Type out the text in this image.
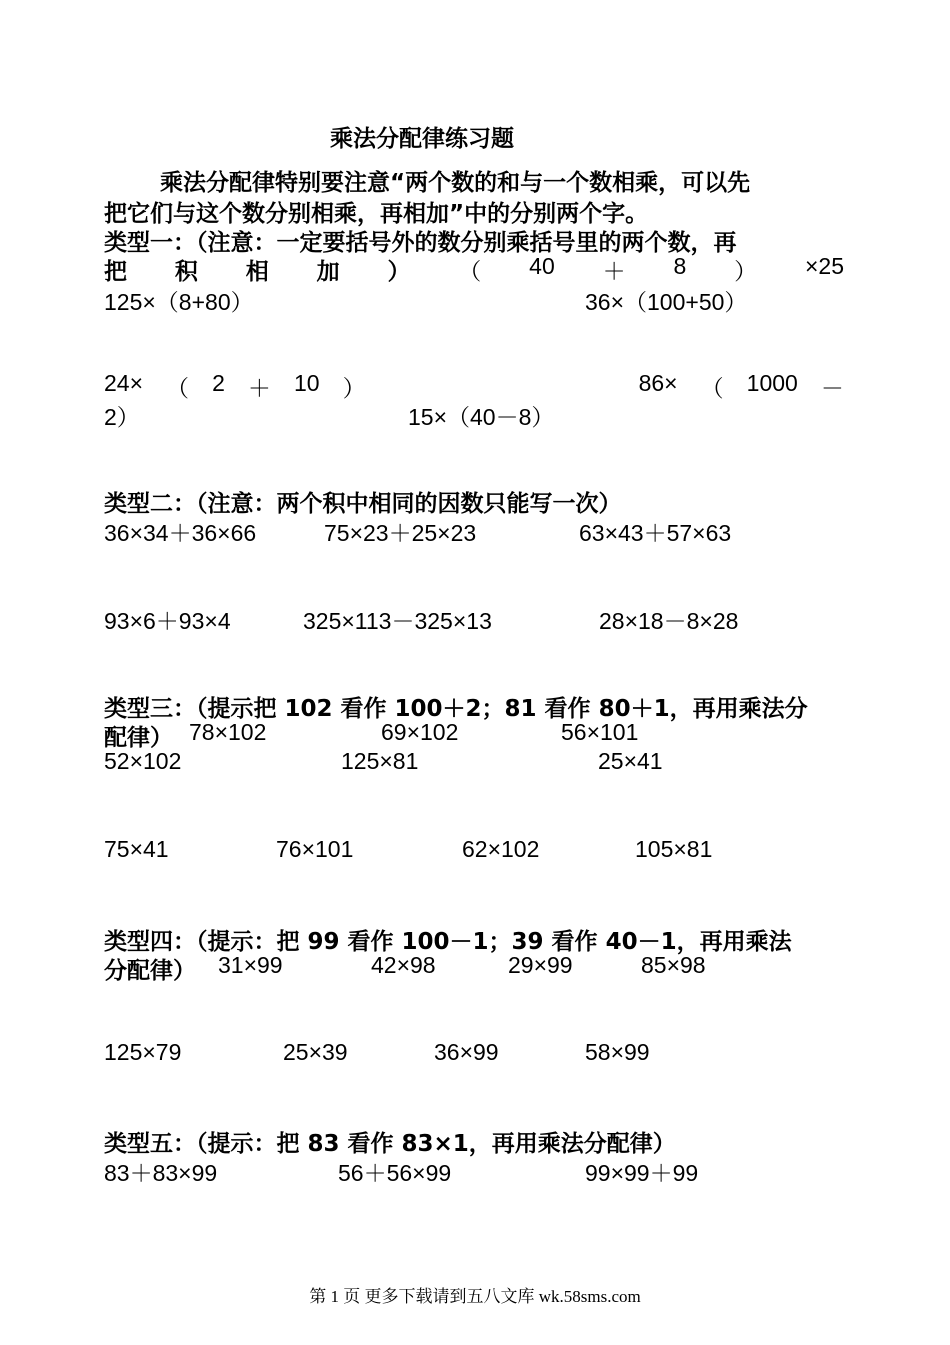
乘法分配律练习题
乘法分配律特别要注意“两个数的和与一个数相乘，可以先
把它们与这个数分别相乘，再相加”中的分别两个字。
类型一：（注意：一定要括号外的数分别乘括号里的两个数，再
把 积 相 加 ） （ 40 ＋ 8 ） ×25
125×（8+80）	36×（100+50）
24× （ 2 ＋ 10 ）	86× （ 1000 －
2）	15×（40－8）
类型二：（注意：两个积中相同的因数只能写一次）
36×34＋36×66	75×23＋25×23	63×43＋57×63
93×6＋93×4	325×113－325×13	28×18－8×28
类型三：（提示把 102 看作 100＋2；81 看作 80＋1，再用乘法分
配律） 78×102	69×102	56×101
52×102	125×81	25×41
75×41	76×101	62×102	105×81
类型四：（提示：把 99 看作 100－1；39 看作 40－1，再用乘法
分配律） 31×99	42×98	29×99	85×98
125×79	25×39	36×99	58×99
类型五：（提示：把 83 看作 83×1，再用乘法分配律）
83＋83×99	56＋56×99	99×99＋99
第 1 页 更多下载请到五八文库 wk.58sms.com
